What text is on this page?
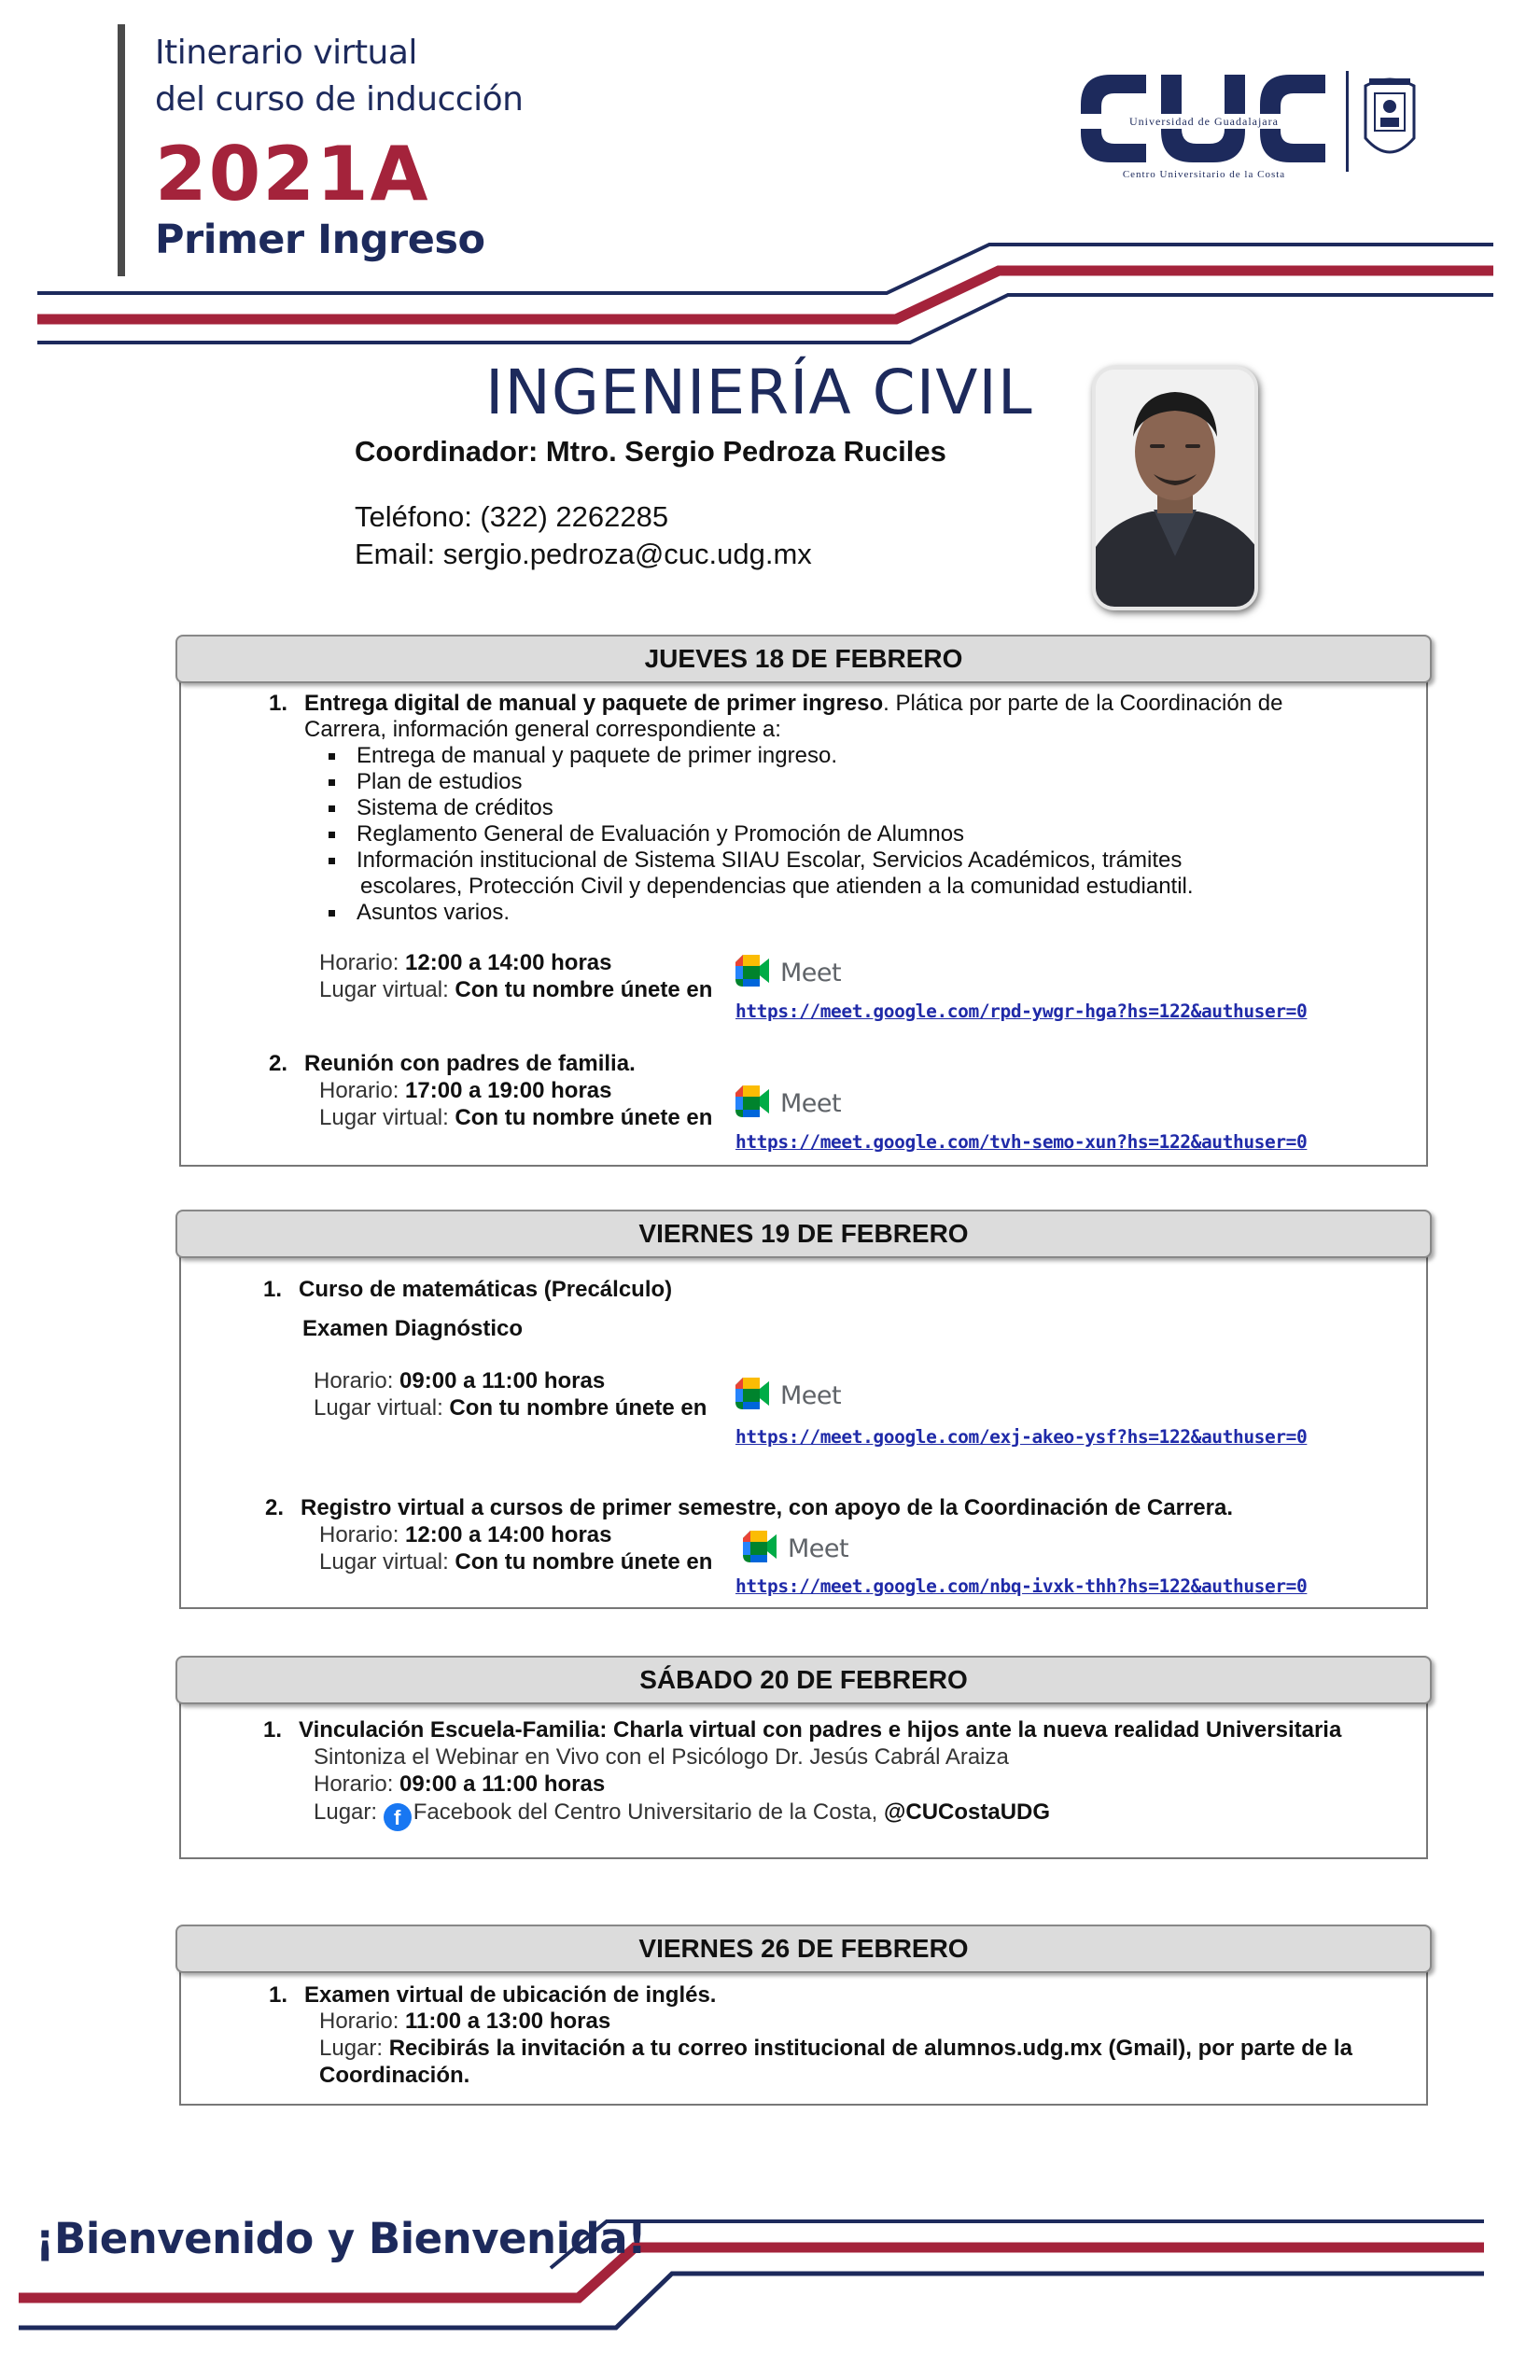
Itinerario virtual
del curso de inducción
2021A
Primer Ingreso
Universidad de Guadalajara
Centro Universitario de la Costa
INGENIERÍA CIVIL
Coordinador: Mtro. Sergio Pedroza Ruciles
Teléfono: (322) 2262285
Email: sergio.pedroza@cuc.udg.mx
JUEVES 18 DE FEBRERO
1. Entrega digital de manual y paquete de primer ingreso. Plática por parte de la Coordinación de
Carrera, información general correspondiente a:
Entrega de manual y paquete de primer ingreso.
Plan de estudios
Sistema de créditos
Reglamento General de Evaluación y Promoción de Alumnos
Información institucional de Sistema SIIAU Escolar, Servicios Académicos, trámites
escolares, Protección Civil y dependencias que atienden a la comunidad estudiantil.
Asuntos varios.
Horario: 12:00 a 14:00 horas
Lugar virtual: Con tu nombre únete en
Meet
https://meet.google.com/rpd-ywgr-hga?hs=122&authuser=0
2. Reunión con padres de familia.
Horario: 17:00 a 19:00 horas
Lugar virtual: Con tu nombre únete en	Meet
https://meet.google.com/tvh-semo-xun?hs=122&authuser=0
VIERNES 19 DE FEBRERO
1. Curso de matemáticas (Precálculo)
Examen Diagnóstico
Horario: 09:00 a 11:00 horas
Lugar virtual: Con tu nombre únete en	Meet
https://meet.google.com/exj-akeo-ysf?hs=122&authuser=0
2. Registro virtual a cursos de primer semestre, con apoyo de la Coordinación de Carrera.
Horario: 12:00 a 14:00 horas
Lugar virtual: Con tu nombre únete en	Meet
https://meet.google.com/nbq-ivxk-thh?hs=122&authuser=0
SÁBADO 20 DE FEBRERO
1. Vinculación Escuela-Familia: Charla virtual con padres e hijos ante la nueva realidad Universitaria
Sintoniza el Webinar en Vivo con el Psicólogo Dr. Jesús Cabrál Araiza
Horario: 09:00 a 11:00 horas
Lugar: f Facebook del Centro Universitario de la Costa, @CUCostaUDG
VIERNES 26 DE FEBRERO
1. Examen virtual de ubicación de inglés.
Horario: 11:00 a 13:00 horas
Lugar: Recibirás la invitación a tu correo institucional de alumnos.udg.mx (Gmail), por parte de la
Coordinación.
¡Bienvenido y Bienvenida!
